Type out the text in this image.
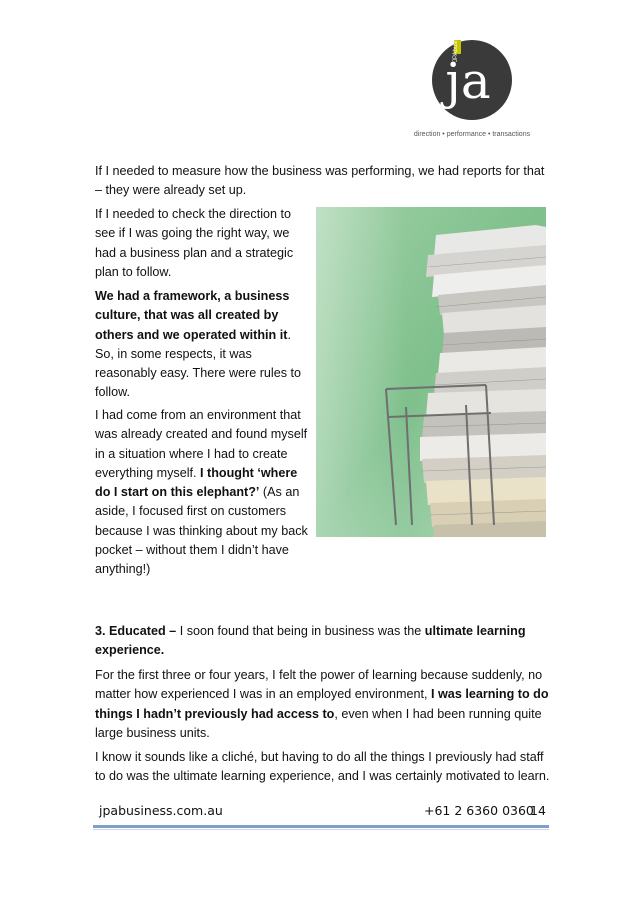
ja
JPAbusiness
direction • performance • transactions

If I needed to measure how the business was performing, we had reports for that – they were already set up.

If I needed to check the direction to see if I was going the right way, we had a business plan and a strategic plan to follow.

We had a framework, a business culture, that was all created by others and we operated within it. So, in some respects, it was reasonably easy. There were rules to follow.

I had come from an environment that was already created and found myself in a situation where I had to create everything myself. I thought ‘where do I start on this elephant?’ (As an aside, I focused first on customers because I was thinking about my back pocket – without them I didn’t have anything!)

3. Educated – I soon found that being in business was the ultimate learning experience.

For the first three or four years, I felt the power of learning because suddenly, no matter how experienced I was in an employed environment, I was learning to do things I hadn’t previously had access to, even when I had been running quite large business units.

I know it sounds like a cliché, but having to do all the things I previously had staff to do was the ultimate learning experience, and I was certainly motivated to learn.

jpabusiness.com.au	+61 2 6360 0360
14
